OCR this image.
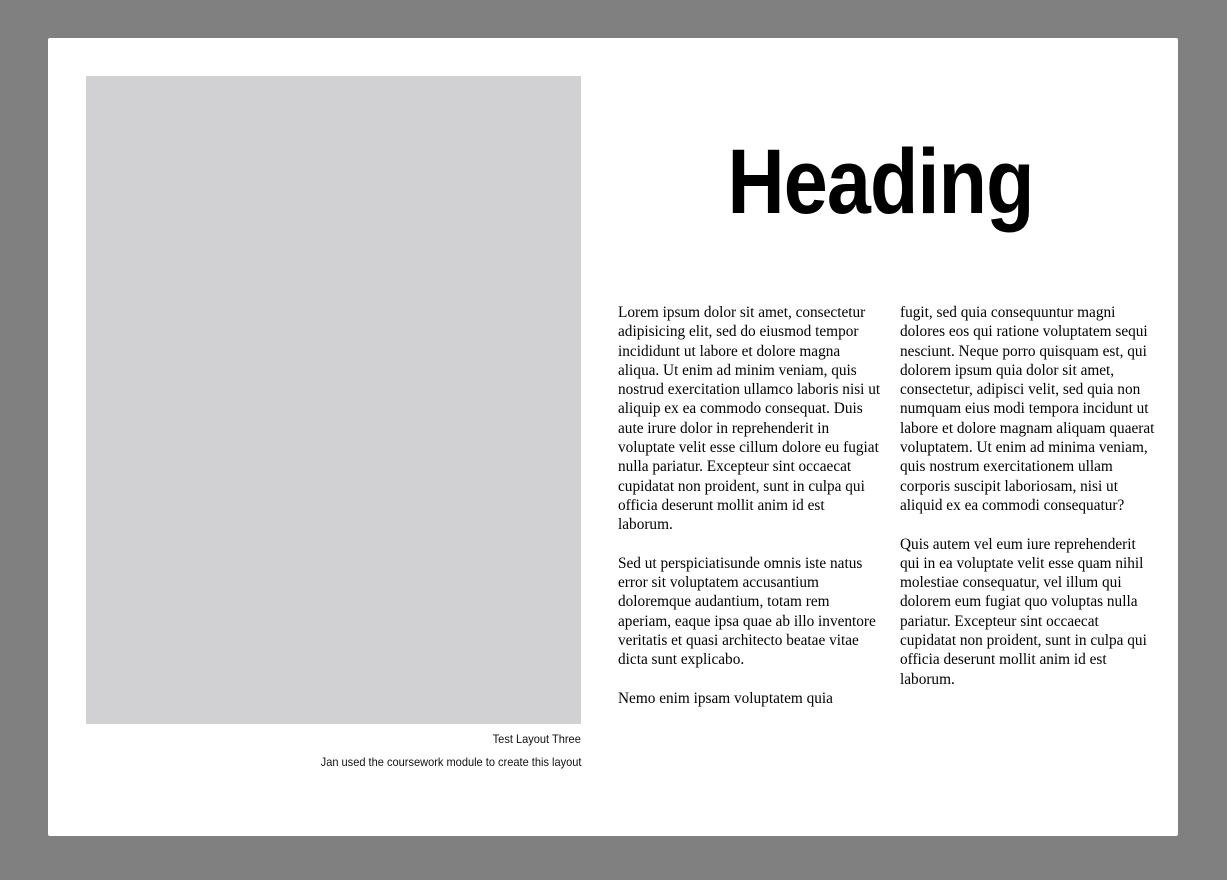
Test Layout Three
Jan used the coursework module to create this layout
Heading

Lorem ipsum dolor sit amet, consectetur adipisicing elit, sed do eiusmod tempor incididunt ut labore et dolore magna aliqua. Ut enim ad minim veniam, quis nostrud exercitation ullamco laboris nisi ut aliquip ex ea commodo consequat. Duis aute irure dolor in reprehenderit in voluptate velit esse cillum dolore eu fugiat nulla pariatur. Excepteur sint occaecat cupidatat non proident, sunt in culpa qui officia deserunt mollit anim id est laborum.

Sed ut perspiciatisunde omnis iste natus error sit voluptatem accusantium doloremque audantium, totam rem aperiam, eaque ipsa quae ab illo inventore veritatis et quasi architecto beatae vitae dicta sunt explicabo.

Nemo enim ipsam voluptatem quia

fugit, sed quia consequuntur magni dolores eos qui ratione voluptatem sequi nesciunt. Neque porro quisquam est, qui dolorem ipsum quia dolor sit amet, consectetur, adipisci velit, sed quia non numquam eius modi tempora incidunt ut labore et dolore magnam aliquam quaerat voluptatem. Ut enim ad minima veniam, quis nostrum exercitationem ullam corporis suscipit laboriosam, nisi ut aliquid ex ea commodi consequatur?

Quis autem vel eum iure reprehenderit qui in ea voluptate velit esse quam nihil molestiae consequatur, vel illum qui dolorem eum fugiat quo voluptas nulla pariatur. Excepteur sint occaecat cupidatat non proident, sunt in culpa qui officia deserunt mollit anim id est laborum.
